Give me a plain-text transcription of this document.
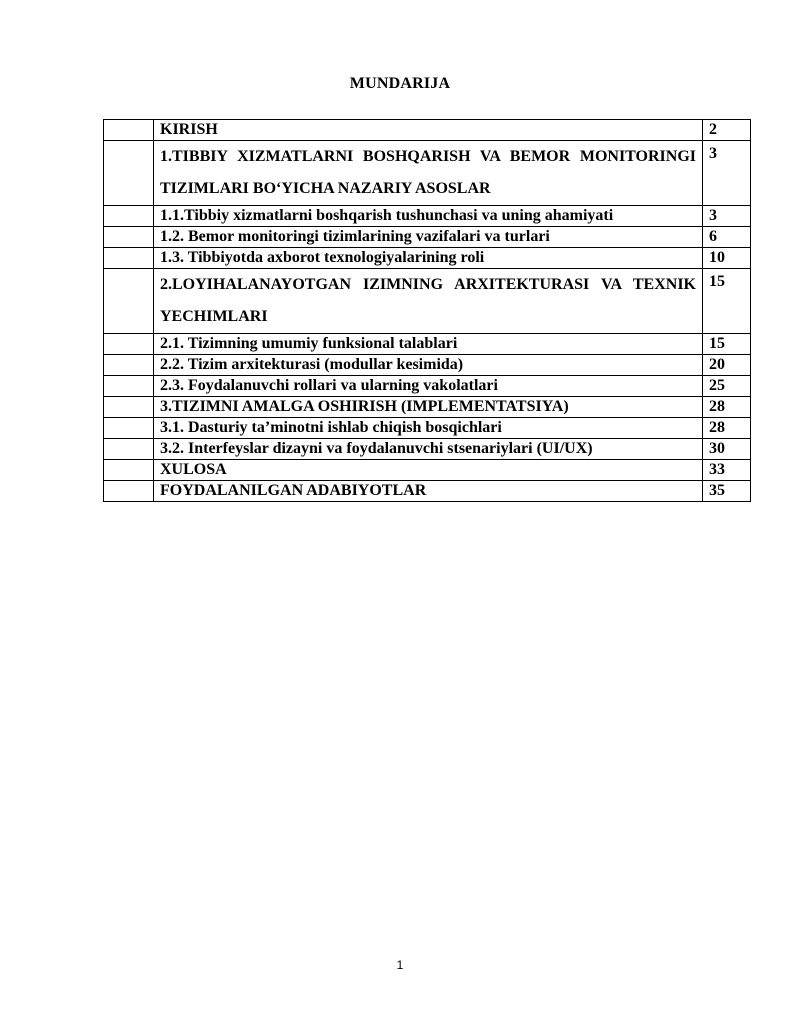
MUNDARIJA
	KIRISH	2
	1.TIBBIY XIZMATLARNI BOSHQARISH VA BEMOR MONITORINGI TIZIMLARI BO‘YICHA NAZARIY ASOSLAR	3
	1.1.Tibbiy xizmatlarni boshqarish tushunchasi va uning ahamiyati	3
	1.2. Bemor monitoringi tizimlarining vazifalari va turlari	6
	1.3. Tibbiyotda axborot texnologiyalarining roli	10
	2.LOYIHALANAYOTGAN IZIMNING ARXITEKTURASI VA TEXNIK YECHIMLARI	15
	2.1. Tizimning umumiy funksional talablari	15
	2.2. Tizim arxitekturasi (modullar kesimida)	20
	2.3. Foydalanuvchi rollari va ularning vakolatlari	25
	3.TIZIMNI AMALGA OSHIRISH (IMPLEMENTATSIYA)	28
	3.1. Dasturiy ta’minotni ishlab chiqish bosqichlari	28
	3.2. Interfeyslar dizayni va foydalanuvchi stsenariylari (UI/UX)	30
	XULOSA	33
	FOYDALANILGAN ADABIYOTLAR	35
1
